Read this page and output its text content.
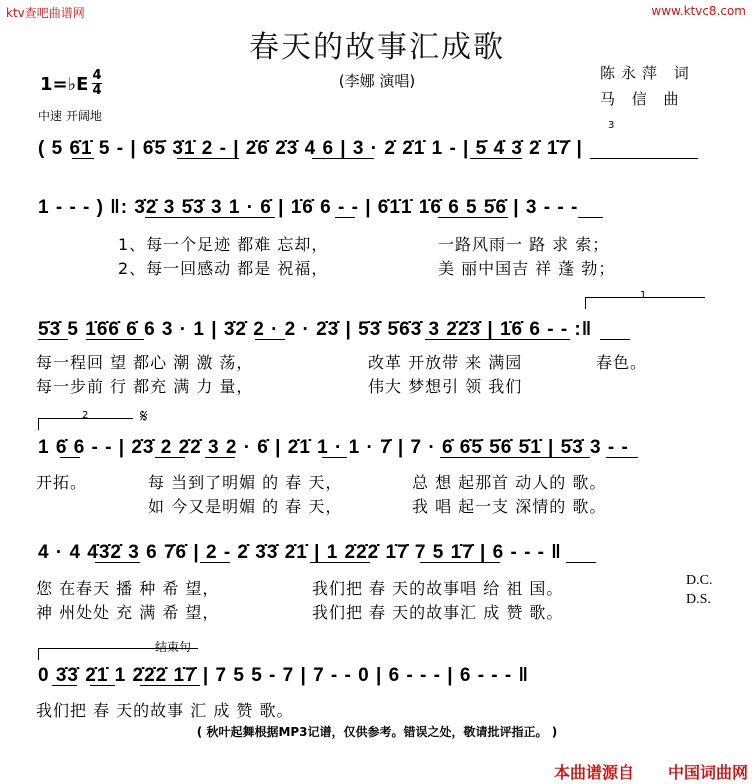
ktv查吧曲谱网	www.ktvc8.com
春天的故事汇成歌
(李娜 演唱)	陈永萍 词
马 信 曲
1=♭E 4
4
中速 开阔地
( 5 6̇1̇ 5 - | 6̇5̇ 3̇1̇ 2 - | 2̇6̇ 2̇3̇ 4 6 | 3 · 2̇ 2̇1̇ 1 - | 5̇ 4̇ 3̇ 2̇ 1̇7̇ |
1 - - - ) ‖: 3̇2̇ 3 5̇3̇ 3 1 · 6̇ | 1̇6̇ 6 - - | 6̇1̇1̇ 1̇6̇ 6 5 5̇6̇ | 3 - - -
3
1、每一个足迹 都难 忘却，	一路风雨一 路 求 索；
2、每一回感动 都是 祝福，	美 丽中国吉 祥 蓬 勃；
1
5̇3̇ 5 1̇6̇6̇ 6̇ 6 3 · 1 | 3̇2̇ 2 · 2 · 2̇3̇ | 5̇3̇ 5̇6̇3̇ 3 2̇2̇3̇ | 1̇6̇ 6 - - :‖
每一程回 望 都心 潮 激 荡，	改革 开放带 来 满园	春色。
每一步前 行 都充 满 力 量，	伟大 梦想引 领 我们
2	𝄋
1 6̇ 6 - - | 2̇3̇ 2 2̇2̇ 3 2 · 6̇ | 2̇1̇ 1 · 1 · 7̇ | 7 · 6̇ 6̇5̇ 5̇6̇ 5̇1̇ | 5̇3̇ 3 - -
开拓。	每 当到了明媚 的 春 天，	总 想 起那首 动人的 歌。
如 今又是明媚 的 春 天，	我 唱 起一支 深情的 歌。
4 · 4 4̇3̇2̇ 3 6 7̇6̇ | 2 - 2̇ 3̇3̇ 2̇1̇ | 1 2̇2̇2̇ 1̇7̇ 7 5 1̇7̇ | 6 - - - ‖
您 在春天 播 种 希 望，	我们把 春 天的故事唱 给 祖 国。
神 州处处 充 满 希 望，	我们把 春 天的故事汇 成 赞 歌。
D.C.
D.S.
结束句
0 3̇3̇ 2̇1̇ 1 2̇2̇2̇ 1̇7̇ | 7 5 5 - 7 | 7 - - 0 | 6 - - - | 6 - - - ‖
我们把 春 天的故事 汇 成 赞 歌。
( 秋叶起舞根据MP3记谱，仅供参考。错误之处，敬请批评指正。 )
本曲谱源自 中国词曲网
